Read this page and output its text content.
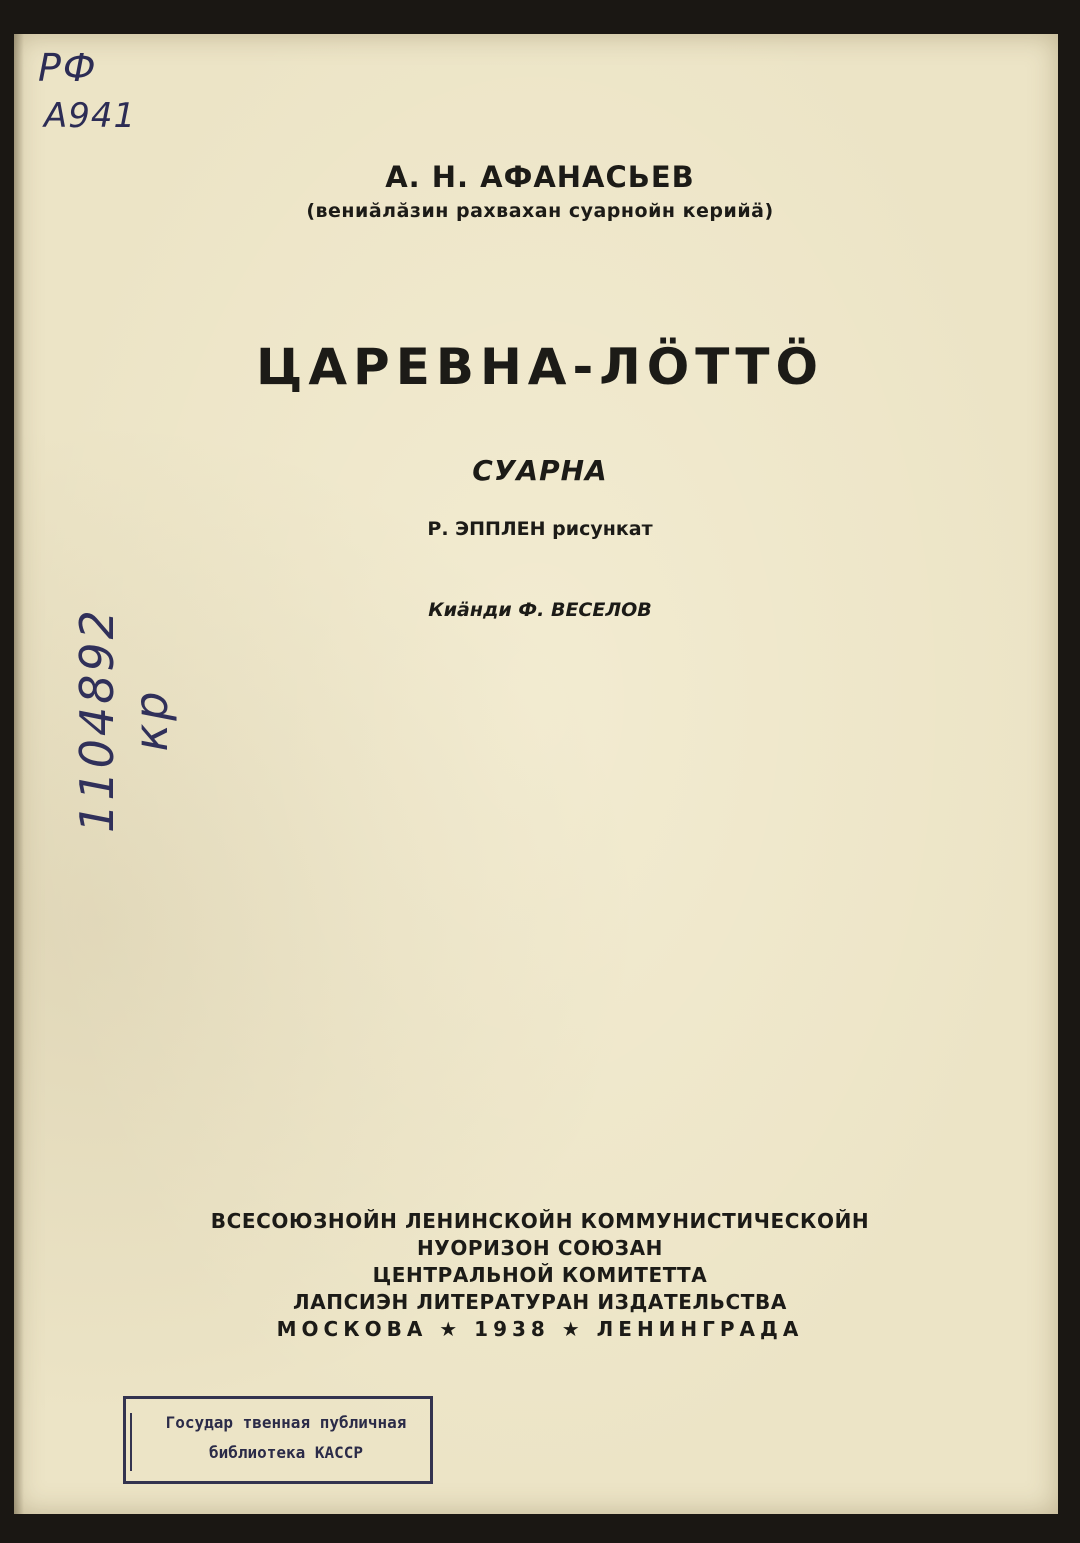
РФ
А941
1104892 кр
А. Н. АФАНАСЬЕВ
(вениӑлӑзин рахвахан суарнойн керийӓ)
ЦАРЕВНА-ЛӦТТӦ
СУАРНА
Р. ЭППЛЕН рисункат
Киӓнди Ф. ВЕСЕЛОВ
ВСЕСОЮЗНОЙН ЛЕНИНСКОЙН КОММУНИСТИЧЕСКОЙН
НУОРИЗОН СОЮЗАН
ЦЕНТРАЛЬНОЙ КОМИТЕТТА
ЛАПСИЭН ЛИТЕРАТУРАН ИЗДАТЕЛЬСТВА
МОСКОВА ★ 1938 ★ ЛЕНИНГРАДА
Государ твенная публичная
библиотека КАССР
